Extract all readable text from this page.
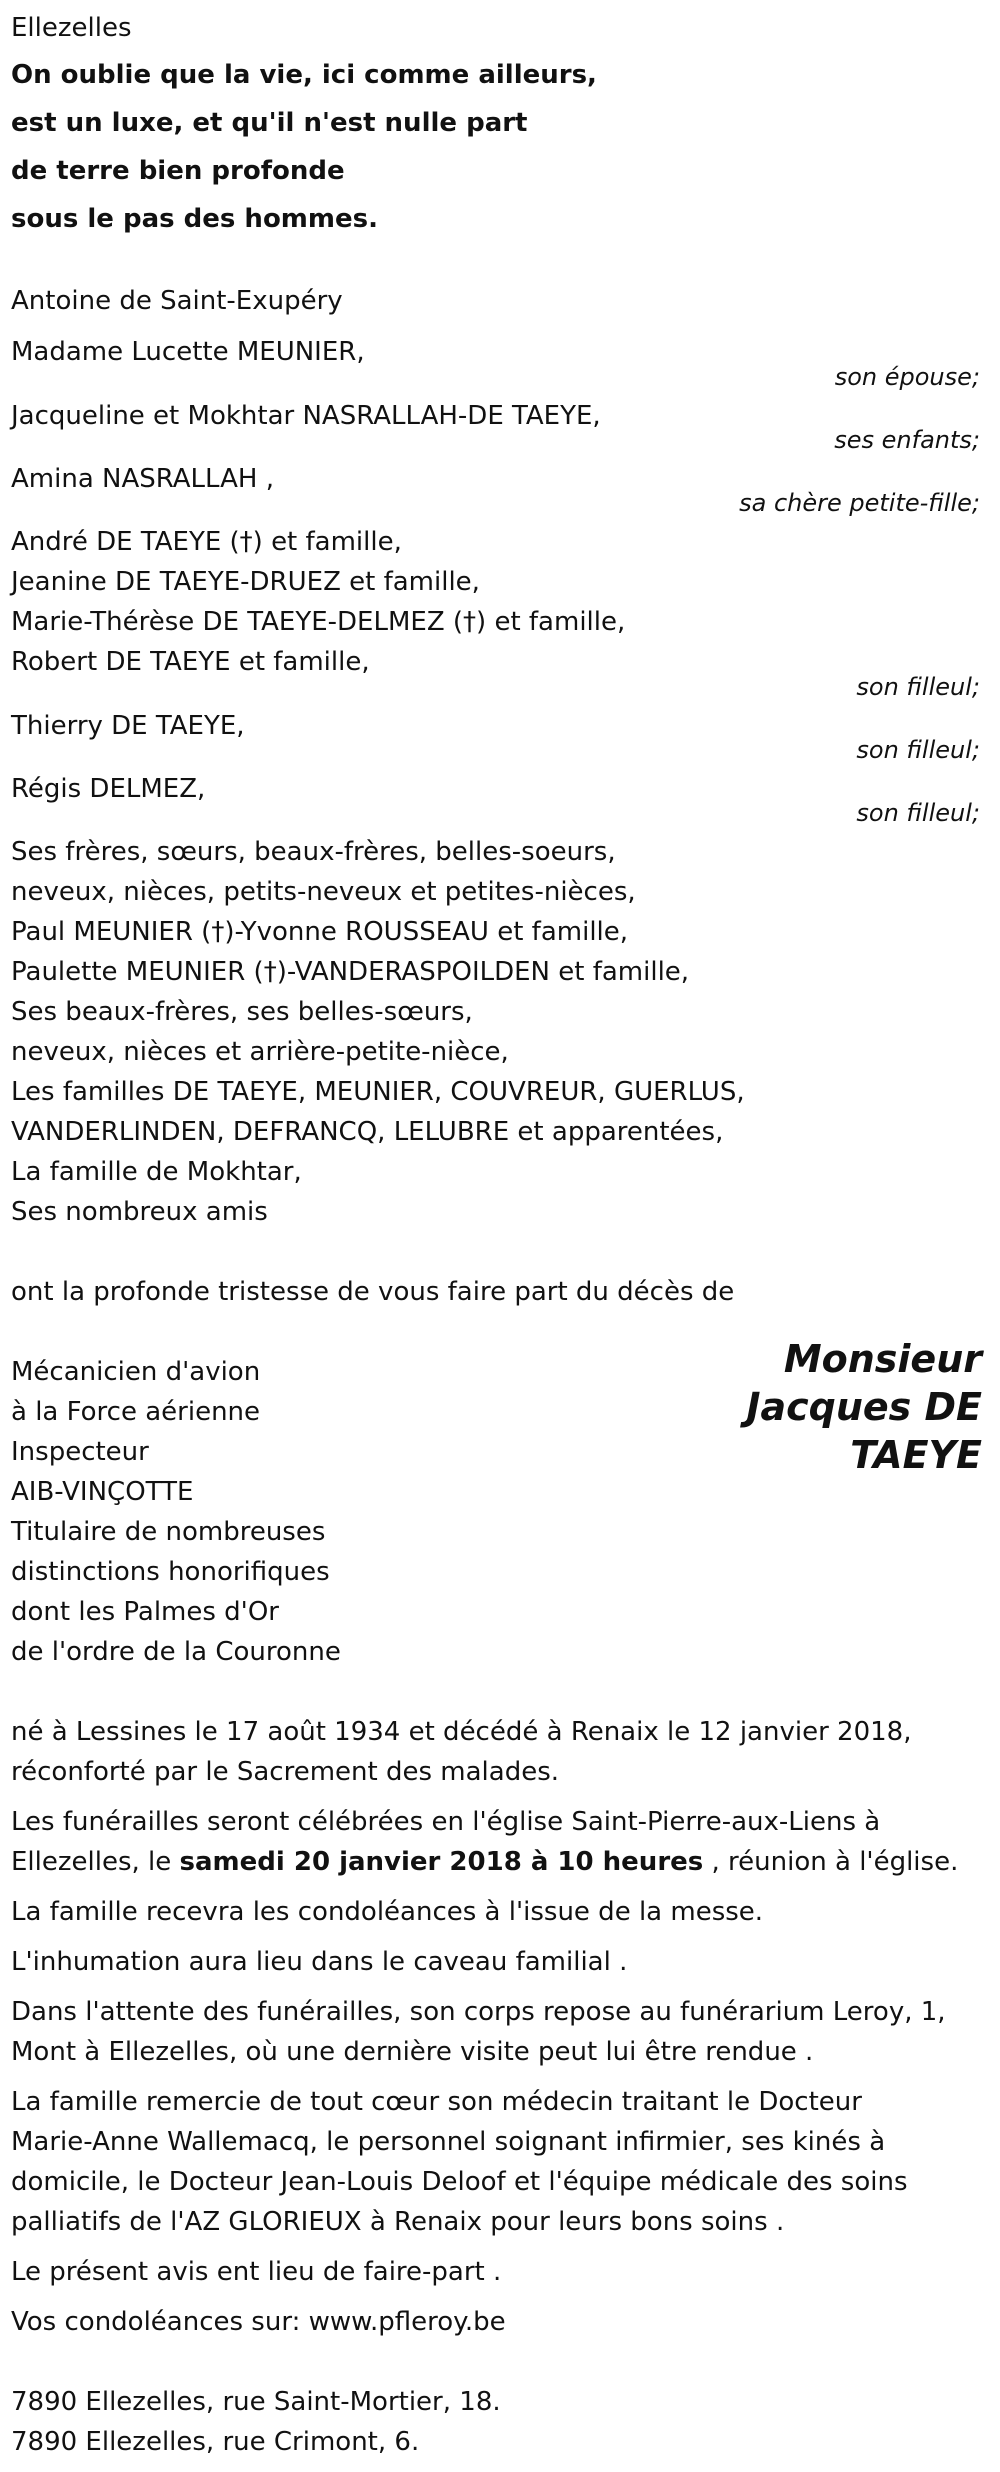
Ellezelles
On oublie que la vie, ici comme ailleurs,
est un luxe, et qu'il n'est nulle part
de terre bien profonde
sous le pas des hommes.
Antoine de Saint-Exupéry
Madame Lucette MEUNIER,
son épouse;
Jacqueline et Mokhtar NASRALLAH-DE TAEYE,
ses enfants;
Amina NASRALLAH ,
sa chère petite-fille;
André DE TAEYE (†) et famille,
Jeanine DE TAEYE-DRUEZ et famille,
Marie-Thérèse DE TAEYE-DELMEZ (†) et famille,
Robert DE TAEYE et famille,
son filleul;
Thierry DE TAEYE,
son filleul;
Régis DELMEZ,
son filleul;
Ses frères, sœurs, beaux-frères, belles-soeurs,
neveux, nièces, petits-neveux et petites-nièces,
Paul MEUNIER (†)-Yvonne ROUSSEAU et famille,
Paulette MEUNIER (†)-VANDERASPOILDEN et famille,
Ses beaux-frères, ses belles-sœurs,
neveux, nièces et arrière-petite-nièce,
Les familles DE TAEYE, MEUNIER, COUVREUR, GUERLUS,
VANDERLINDEN, DEFRANCQ, LELUBRE et apparentées,
La famille de Mokhtar,
Ses nombreux amis
ont la profonde tristesse de vous faire part du décès de
Mécanicien d'avion
à la Force aérienne
Inspecteur
AIB-VINÇOTTE
Titulaire de nombreuses
distinctions honorifiques
dont les Palmes d'Or
de l'ordre de la Couronne
Monsieur
Jacques DE
TAEYE
né à Lessines le 17 août 1934 et décédé à Renaix le 12 janvier 2018,
réconforté par le Sacrement des malades.
Les funérailles seront célébrées en l'église Saint-Pierre-aux-Liens à
Ellezelles, le samedi 20 janvier 2018 à 10 heures , réunion à l'église.
La famille recevra les condoléances à l'issue de la messe.
L'inhumation aura lieu dans le caveau familial .
Dans l'attente des funérailles, son corps repose au funérarium Leroy, 1,
Mont à Ellezelles, où une dernière visite peut lui être rendue .
La famille remercie de tout cœur son médecin traitant le Docteur
Marie-Anne Wallemacq, le personnel soignant infirmier, ses kinés à
domicile, le Docteur Jean-Louis Deloof et l'équipe médicale des soins
palliatifs de l'AZ GLORIEUX à Renaix pour leurs bons soins .
Le présent avis ent lieu de faire-part .
Vos condoléances sur: www.pfleroy.be
7890 Ellezelles, rue Saint-Mortier, 18.
7890 Ellezelles, rue Crimont, 6.
